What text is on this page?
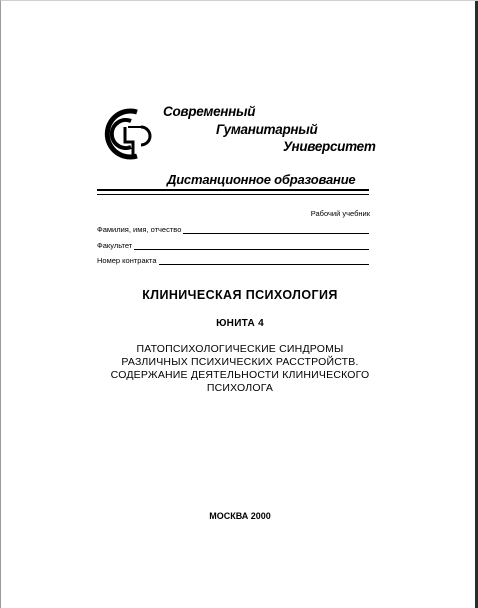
Современный
Гуманитарный
Университет
Дистанционное образование
Рабочий учебник
Фамилия, имя, отчество
Факультет
Номер контракта
КЛИНИЧЕСКАЯ ПСИХОЛОГИЯ
ЮНИТА 4
ПАТОПСИХОЛОГИЧЕСКИЕ СИНДРОМЫ
РАЗЛИЧНЫХ ПСИХИЧЕСКИХ РАССТРОЙСТВ.
СОДЕРЖАНИЕ ДЕЯТЕЛЬНОСТИ КЛИНИЧЕСКОГО
ПСИХОЛОГА
МОСКВА 2000
